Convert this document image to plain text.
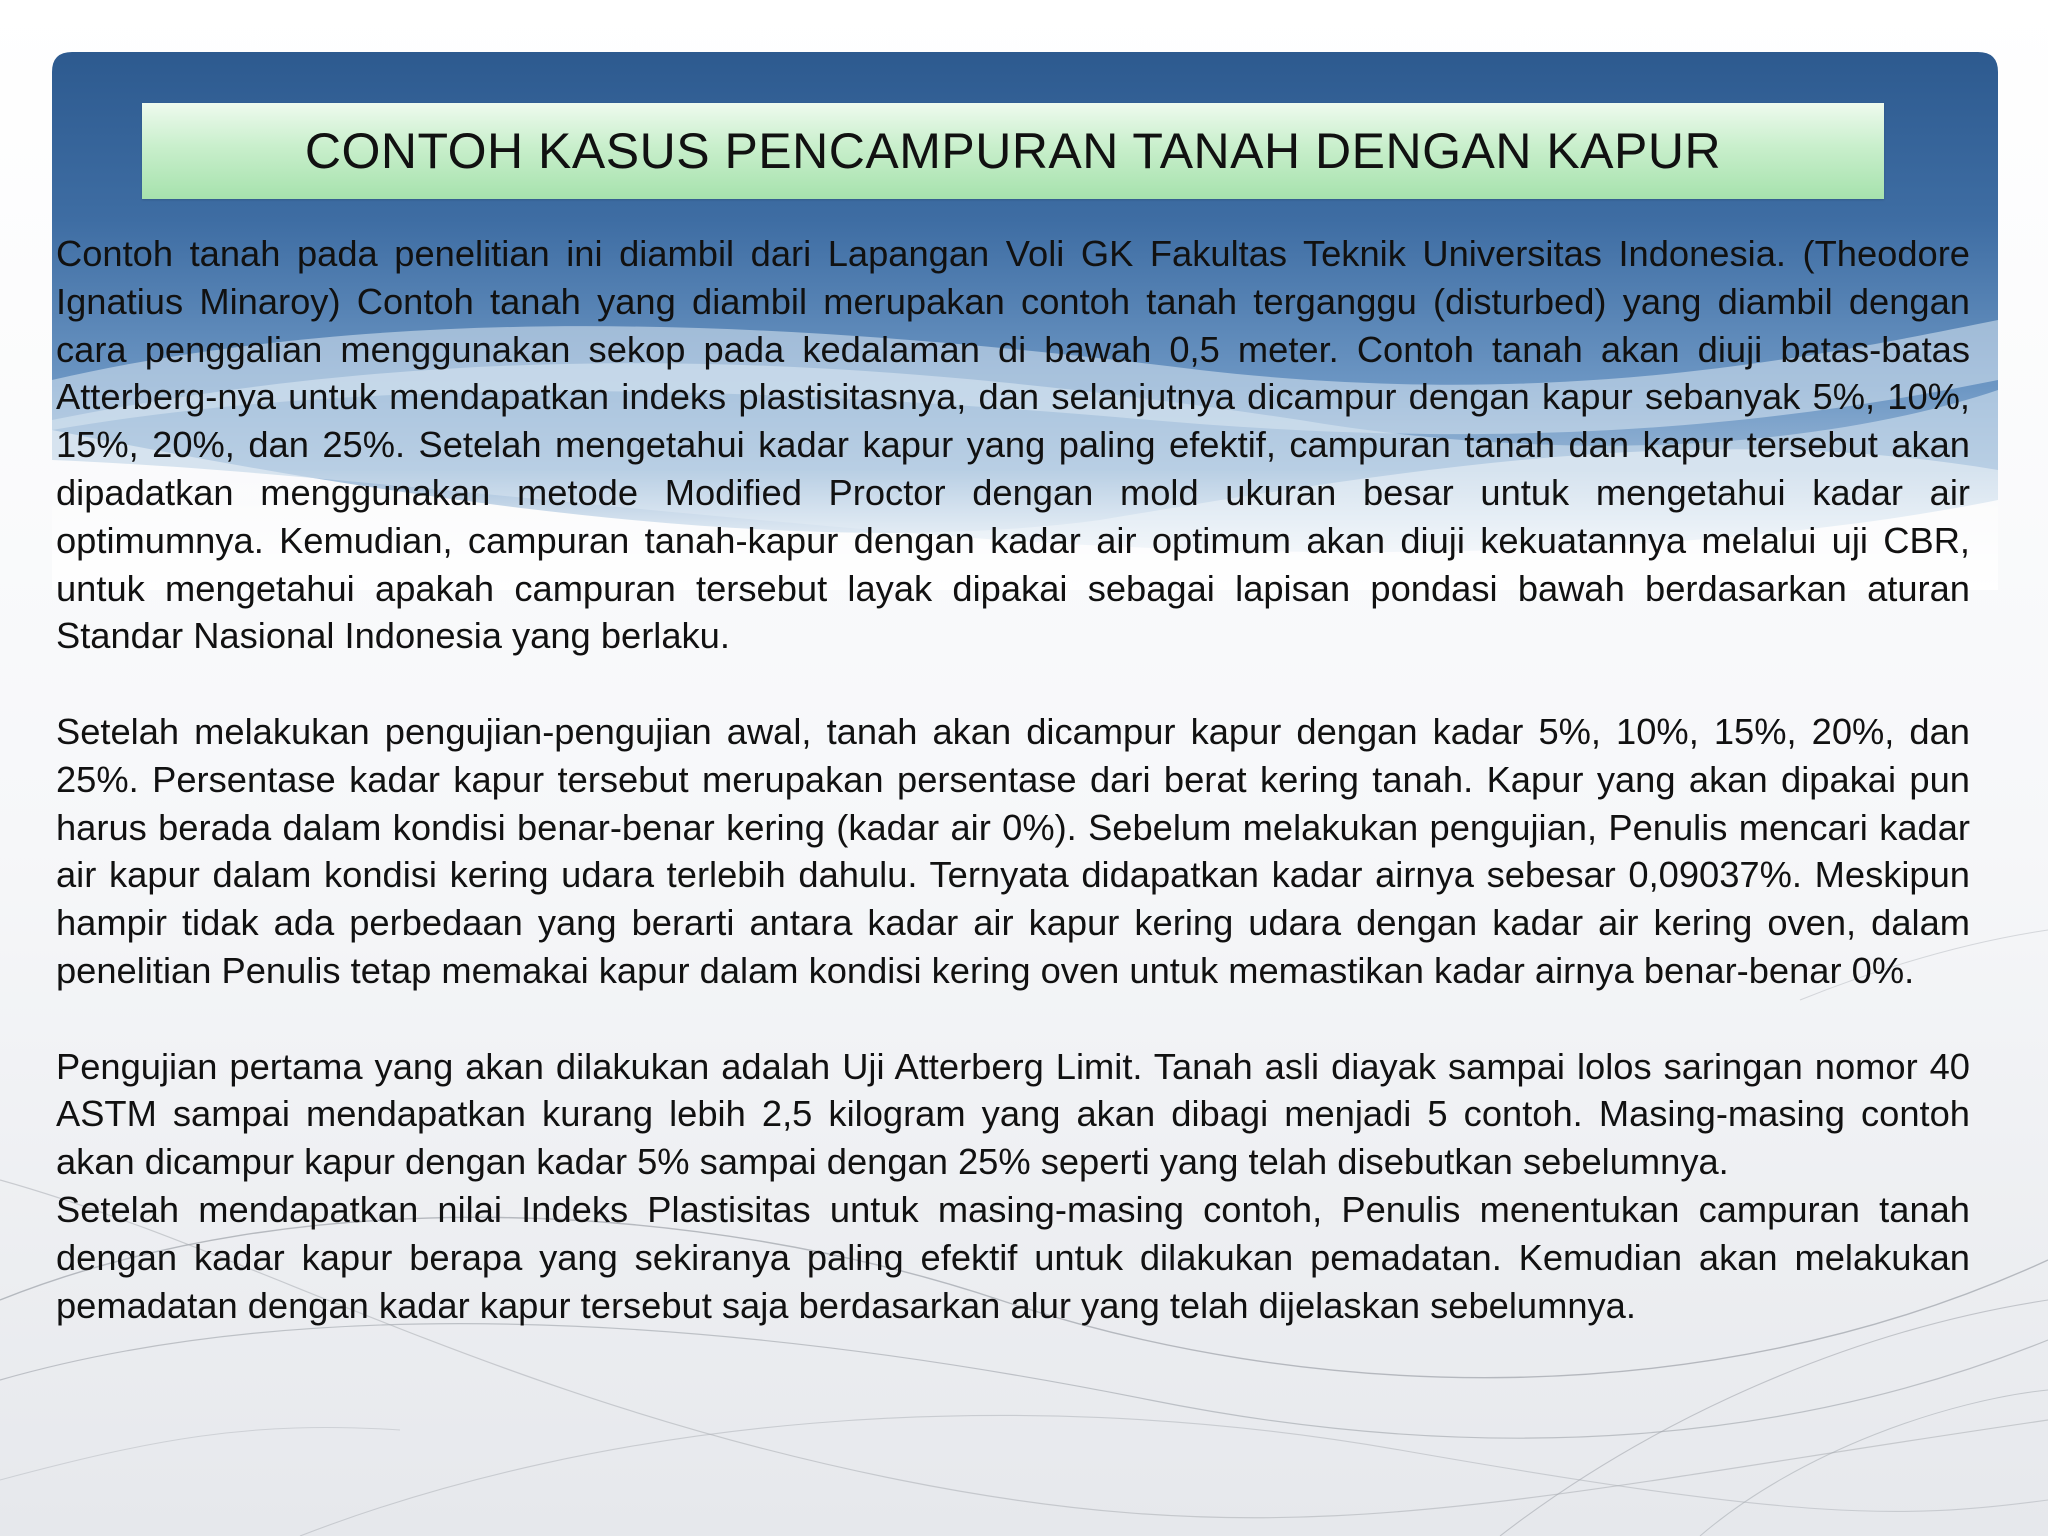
CONTOH KASUS PENCAMPURAN TANAH DENGAN KAPUR

Contoh tanah pada penelitian ini diambil dari Lapangan Voli GK Fakultas Teknik Universitas Indonesia. (Theodore Ignatius Minaroy) Contoh tanah yang diambil merupakan contoh tanah terganggu (disturbed) yang diambil dengan cara penggalian menggunakan sekop pada kedalaman di bawah 0,5 meter. Contoh tanah akan diuji batas-batas Atterberg-nya untuk mendapatkan indeks plastisitasnya, dan selanjutnya dicampur dengan kapur sebanyak 5%, 10%, 15%, 20%, dan 25%. Setelah mengetahui kadar kapur yang paling efektif, campuran tanah dan kapur tersebut akan dipadatkan menggunakan metode Modified Proctor dengan mold ukuran besar untuk mengetahui kadar air optimumnya. Kemudian, campuran tanah-kapur dengan kadar air optimum akan diuji kekuatannya melalui uji CBR, untuk mengetahui apakah campuran tersebut layak dipakai sebagai lapisan pondasi bawah berdasarkan aturan Standar Nasional Indonesia yang berlaku.

Setelah melakukan pengujian-pengujian awal, tanah akan dicampur kapur dengan kadar 5%, 10%, 15%, 20%, dan 25%. Persentase kadar kapur tersebut merupakan persentase dari berat kering tanah. Kapur yang akan dipakai pun harus berada dalam kondisi benar-benar kering (kadar air 0%). Sebelum melakukan pengujian, Penulis mencari kadar air kapur dalam kondisi kering udara terlebih dahulu. Ternyata didapatkan kadar airnya sebesar 0,09037%. Meskipun hampir tidak ada perbedaan yang berarti antara kadar air kapur kering udara dengan kadar air kering oven, dalam penelitian Penulis tetap memakai kapur dalam kondisi kering oven untuk memastikan kadar airnya benar-benar 0%.

Pengujian pertama yang akan dilakukan adalah Uji Atterberg Limit. Tanah asli diayak sampai lolos saringan nomor 40 ASTM sampai mendapatkan kurang lebih 2,5 kilogram yang akan dibagi menjadi 5 contoh. Masing-masing contoh akan dicampur kapur dengan kadar 5% sampai dengan 25% seperti yang telah disebutkan sebelumnya.

Setelah mendapatkan nilai Indeks Plastisitas untuk masing-masing contoh, Penulis menentukan campuran tanah dengan kadar kapur berapa yang sekiranya paling efektif untuk dilakukan pemadatan. Kemudian akan melakukan pemadatan dengan kadar kapur tersebut saja berdasarkan alur yang telah dijelaskan sebelumnya.
